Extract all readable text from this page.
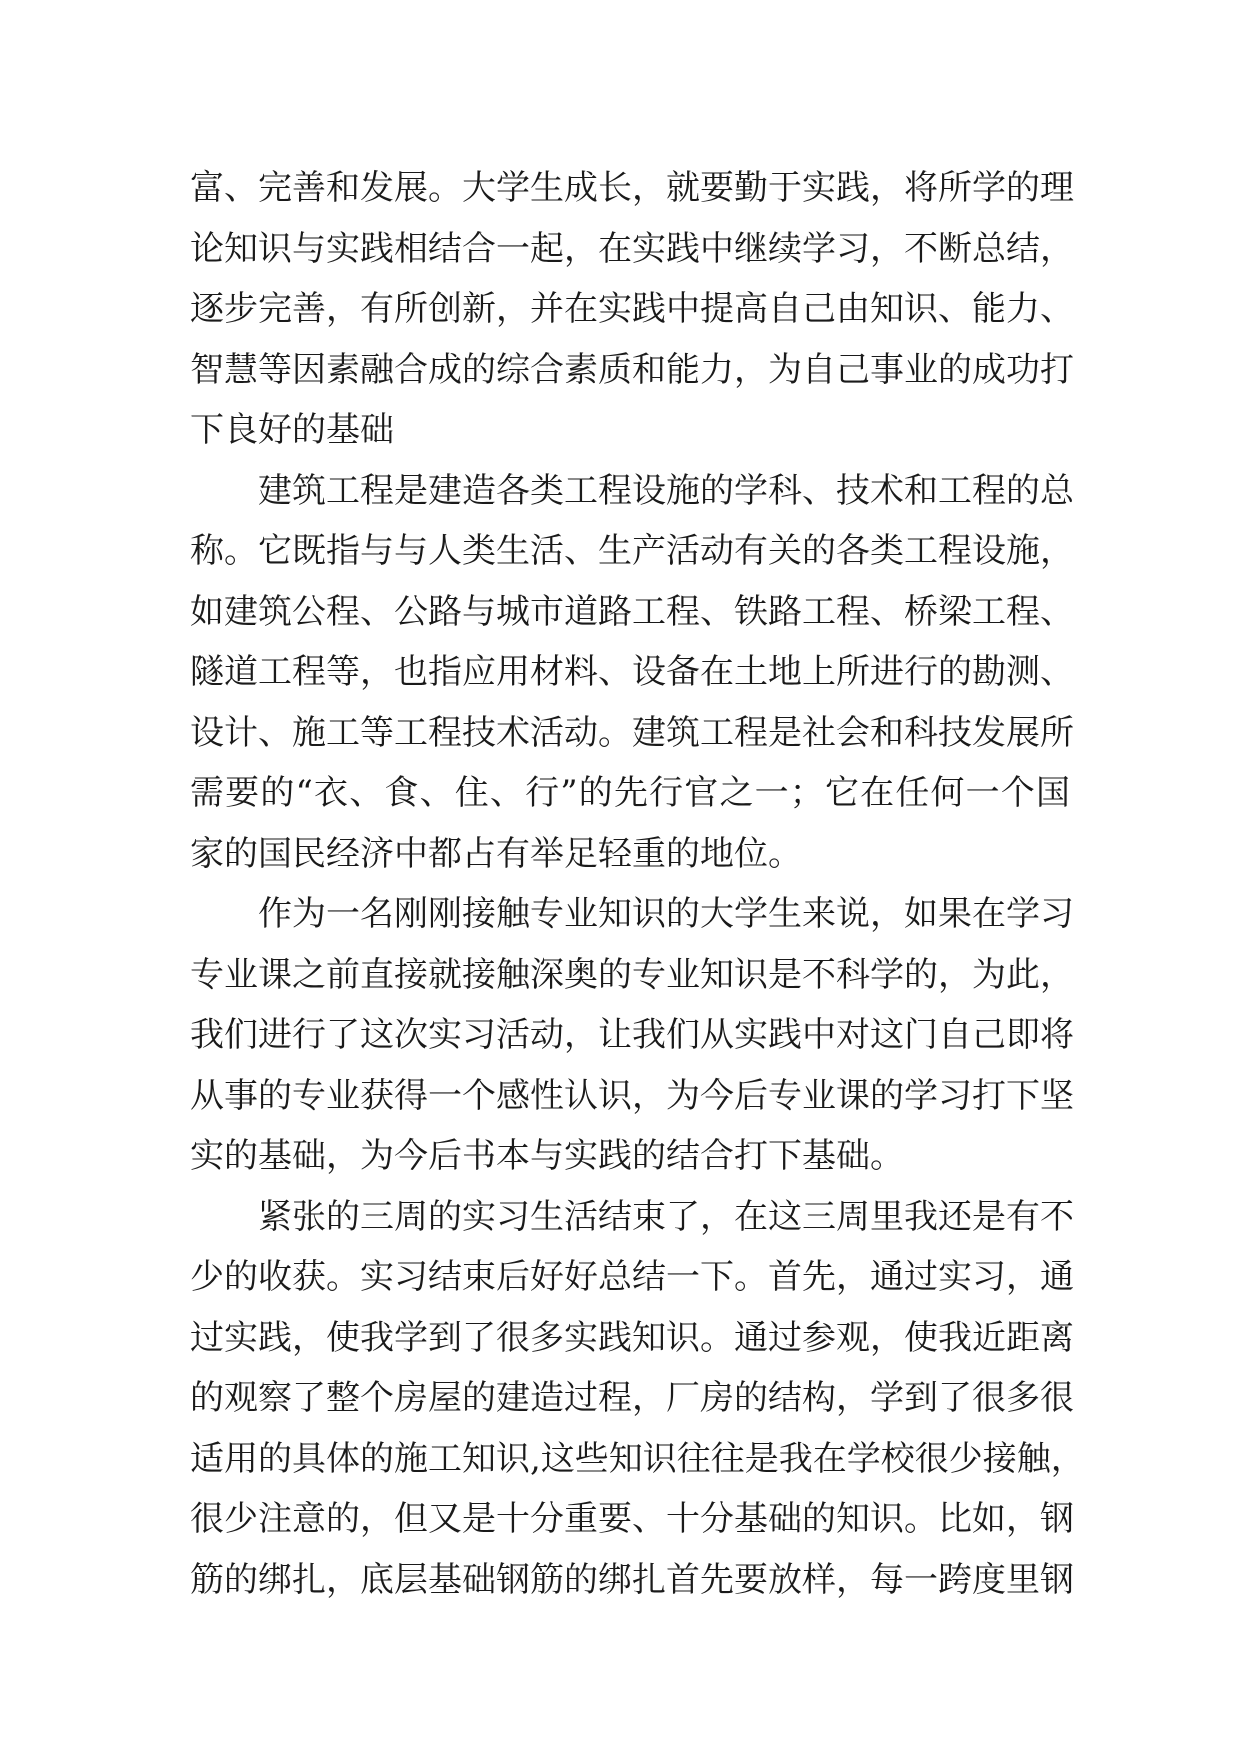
富、完善和发展。大学生成长，就要勤于实践，将所学的理
论知识与实践相结合一起，在实践中继续学习，不断总结，
逐步完善，有所创新，并在实践中提高自己由知识、能力、
智慧等因素融合成的综合素质和能力，为自己事业的成功打
下良好的基础
建筑工程是建造各类工程设施的学科、技术和工程的总
称。它既指与与人类生活、生产活动有关的各类工程设施，
如建筑公程、公路与城市道路工程、铁路工程、桥梁工程、
隧道工程等，也指应用材料、设备在土地上所进行的勘测、
设计、施工等工程技术活动。建筑工程是社会和科技发展所
需要的“衣、食、住、行”的先行官之一；它在任何一个国
家的国民经济中都占有举足轻重的地位。
作为一名刚刚接触专业知识的大学生来说，如果在学习
专业课之前直接就接触深奥的专业知识是不科学的，为此，
我们进行了这次实习活动，让我们从实践中对这门自己即将
从事的专业获得一个感性认识，为今后专业课的学习打下坚
实的基础，为今后书本与实践的结合打下基础。
紧张的三周的实习生活结束了，在这三周里我还是有不
少的收获。实习结束后好好总结一下。首先，通过实习，通
过实践，使我学到了很多实践知识。通过参观，使我近距离
的观察了整个房屋的建造过程，厂房的结构，学到了很多很
适用的具体的施工知识,这些知识往往是我在学校很少接触，
很少注意的，但又是十分重要、十分基础的知识。比如，钢
筋的绑扎，底层基础钢筋的绑扎首先要放样，每一跨度里钢
